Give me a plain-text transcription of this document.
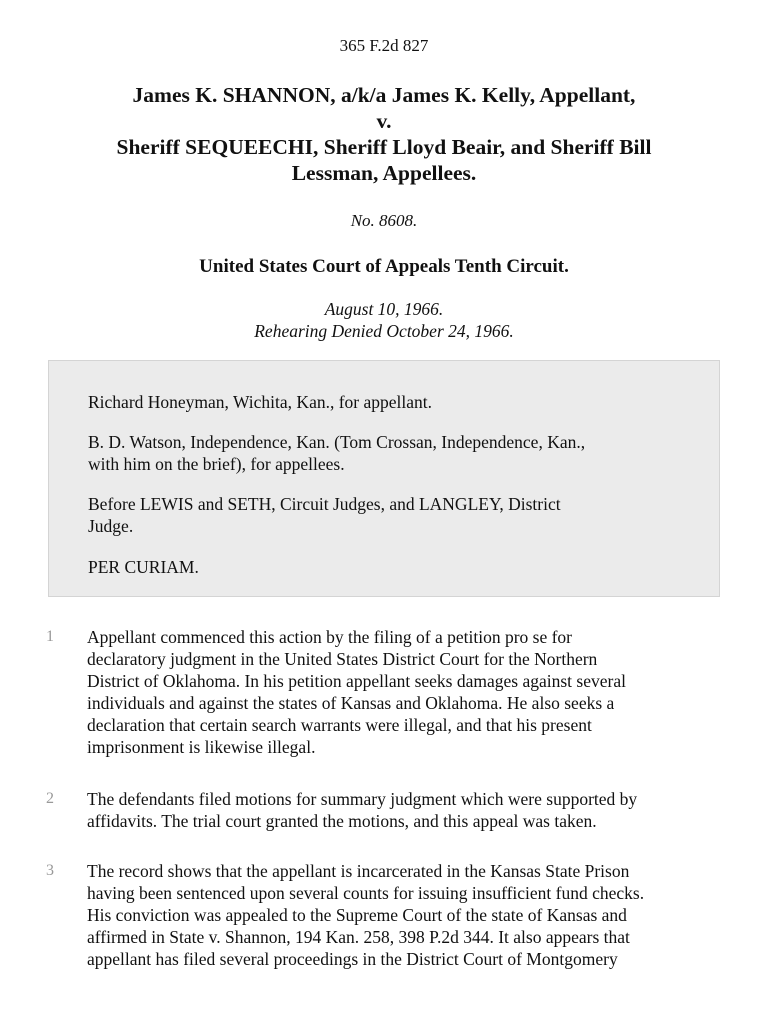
365 F.2d 827
James K. SHANNON, a/k/a James K. Kelly, Appellant,
v.
Sheriff SEQUEECHI, Sheriff Lloyd Beair, and Sheriff Bill
Lessman, Appellees.
No. 8608.
United States Court of Appeals Tenth Circuit.
August 10, 1966.
Rehearing Denied October 24, 1966.

Richard Honeyman, Wichita, Kan., for appellant.

B. D. Watson, Independence, Kan. (Tom Crossan, Independence, Kan.,

with him on the brief), for appellees.

Before LEWIS and SETH, Circuit Judges, and LANGLEY, District

Judge.

PER CURIAM.

1 Appellant commenced this action by the filing of a petition pro se for
declaratory judgment in the United States District Court for the Northern
District of Oklahoma. In his petition appellant seeks damages against several
individuals and against the states of Kansas and Oklahoma. He also seeks a
declaration that certain search warrants were illegal, and that his present
imprisonment is likewise illegal.
2 The defendants filed motions for summary judgment which were supported by
affidavits. The trial court granted the motions, and this appeal was taken.
3 The record shows that the appellant is incarcerated in the Kansas State Prison
having been sentenced upon several counts for issuing insufficient fund checks.
His conviction was appealed to the Supreme Court of the state of Kansas and
affirmed in State v. Shannon, 194 Kan. 258, 398 P.2d 344. It also appears that
appellant has filed several proceedings in the District Court of Montgomery
